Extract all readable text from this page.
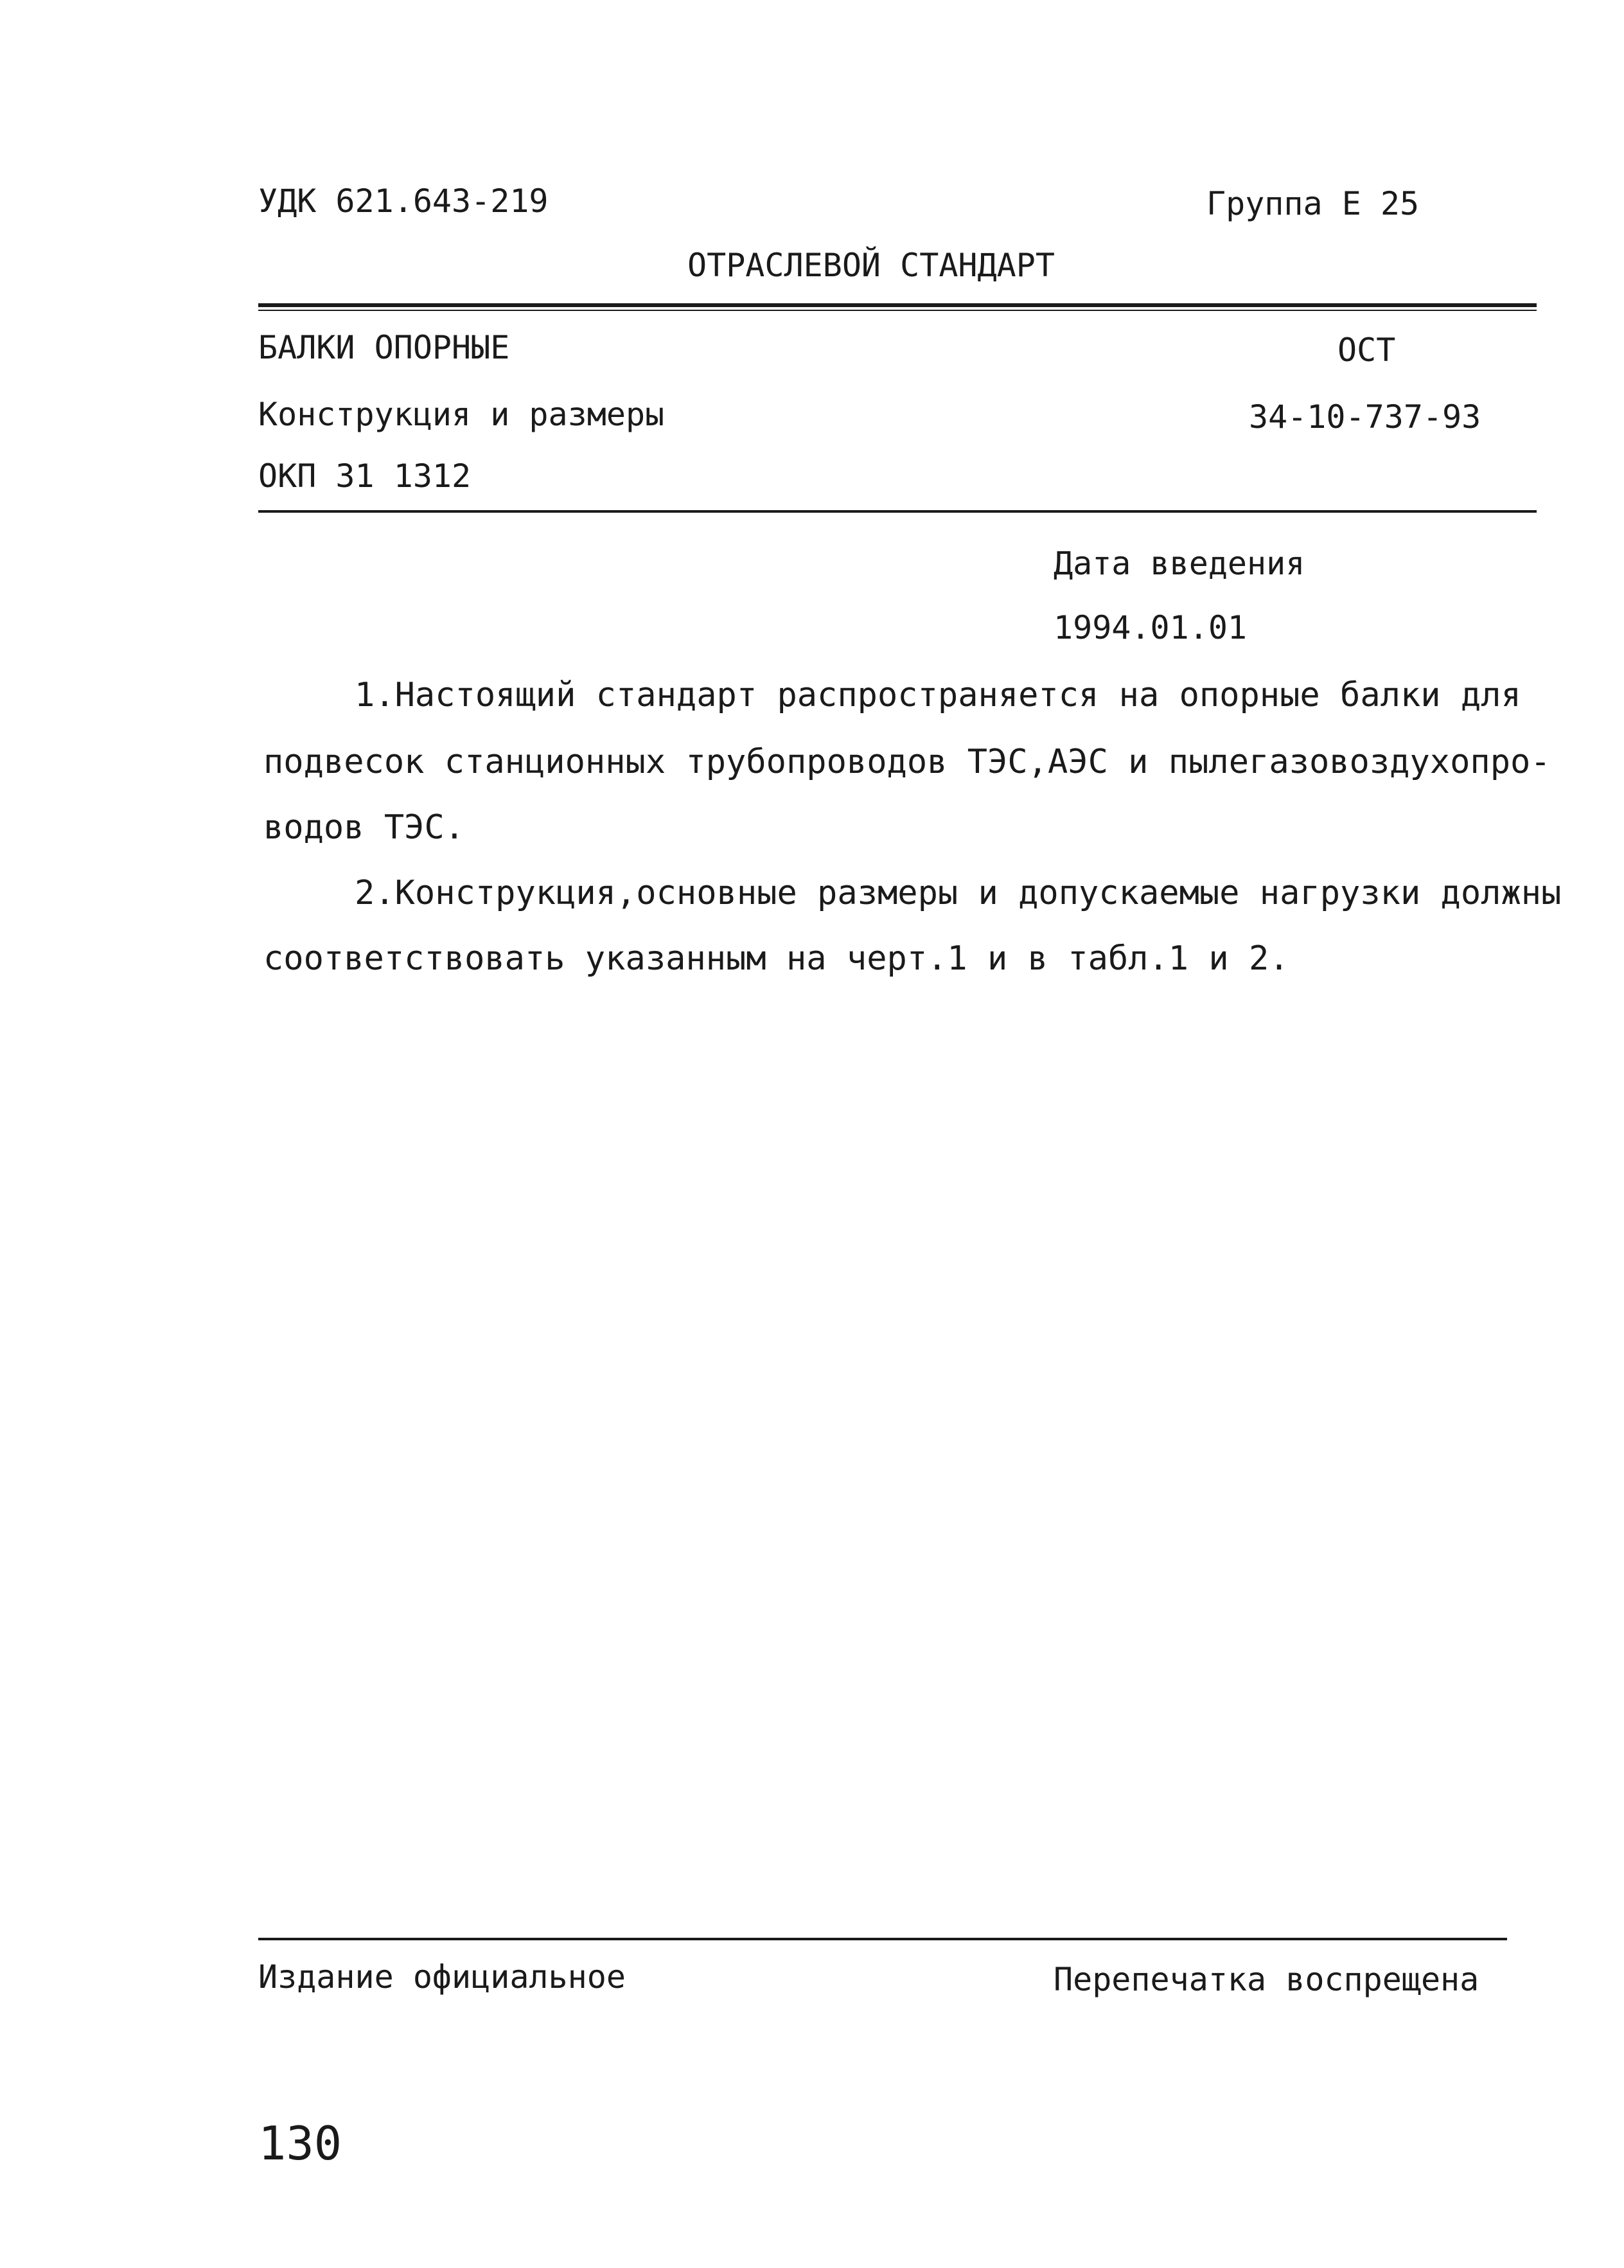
УДК 621.643-219	Группа Е 25
ОТРАСЛЕВОЙ СТАНДАРТ
БАЛКИ ОПОРНЫЕ	ОСТ
Конструкция и размеры	34-10-737-93
ОКП 31 1312
Дата введения
1994.01.01
1.Настоящий стандарт распространяется на опорные балки для
подвесок станционных трубопроводов ТЭС,АЭС и пылегазовоздухопро-
водов ТЭС.
2.Конструкция,основные размеры и допускаемые нагрузки должны
соответствовать указанным на черт.1 и в табл.1 и 2.
Издание официальное	Перепечатка воспрещена
130
